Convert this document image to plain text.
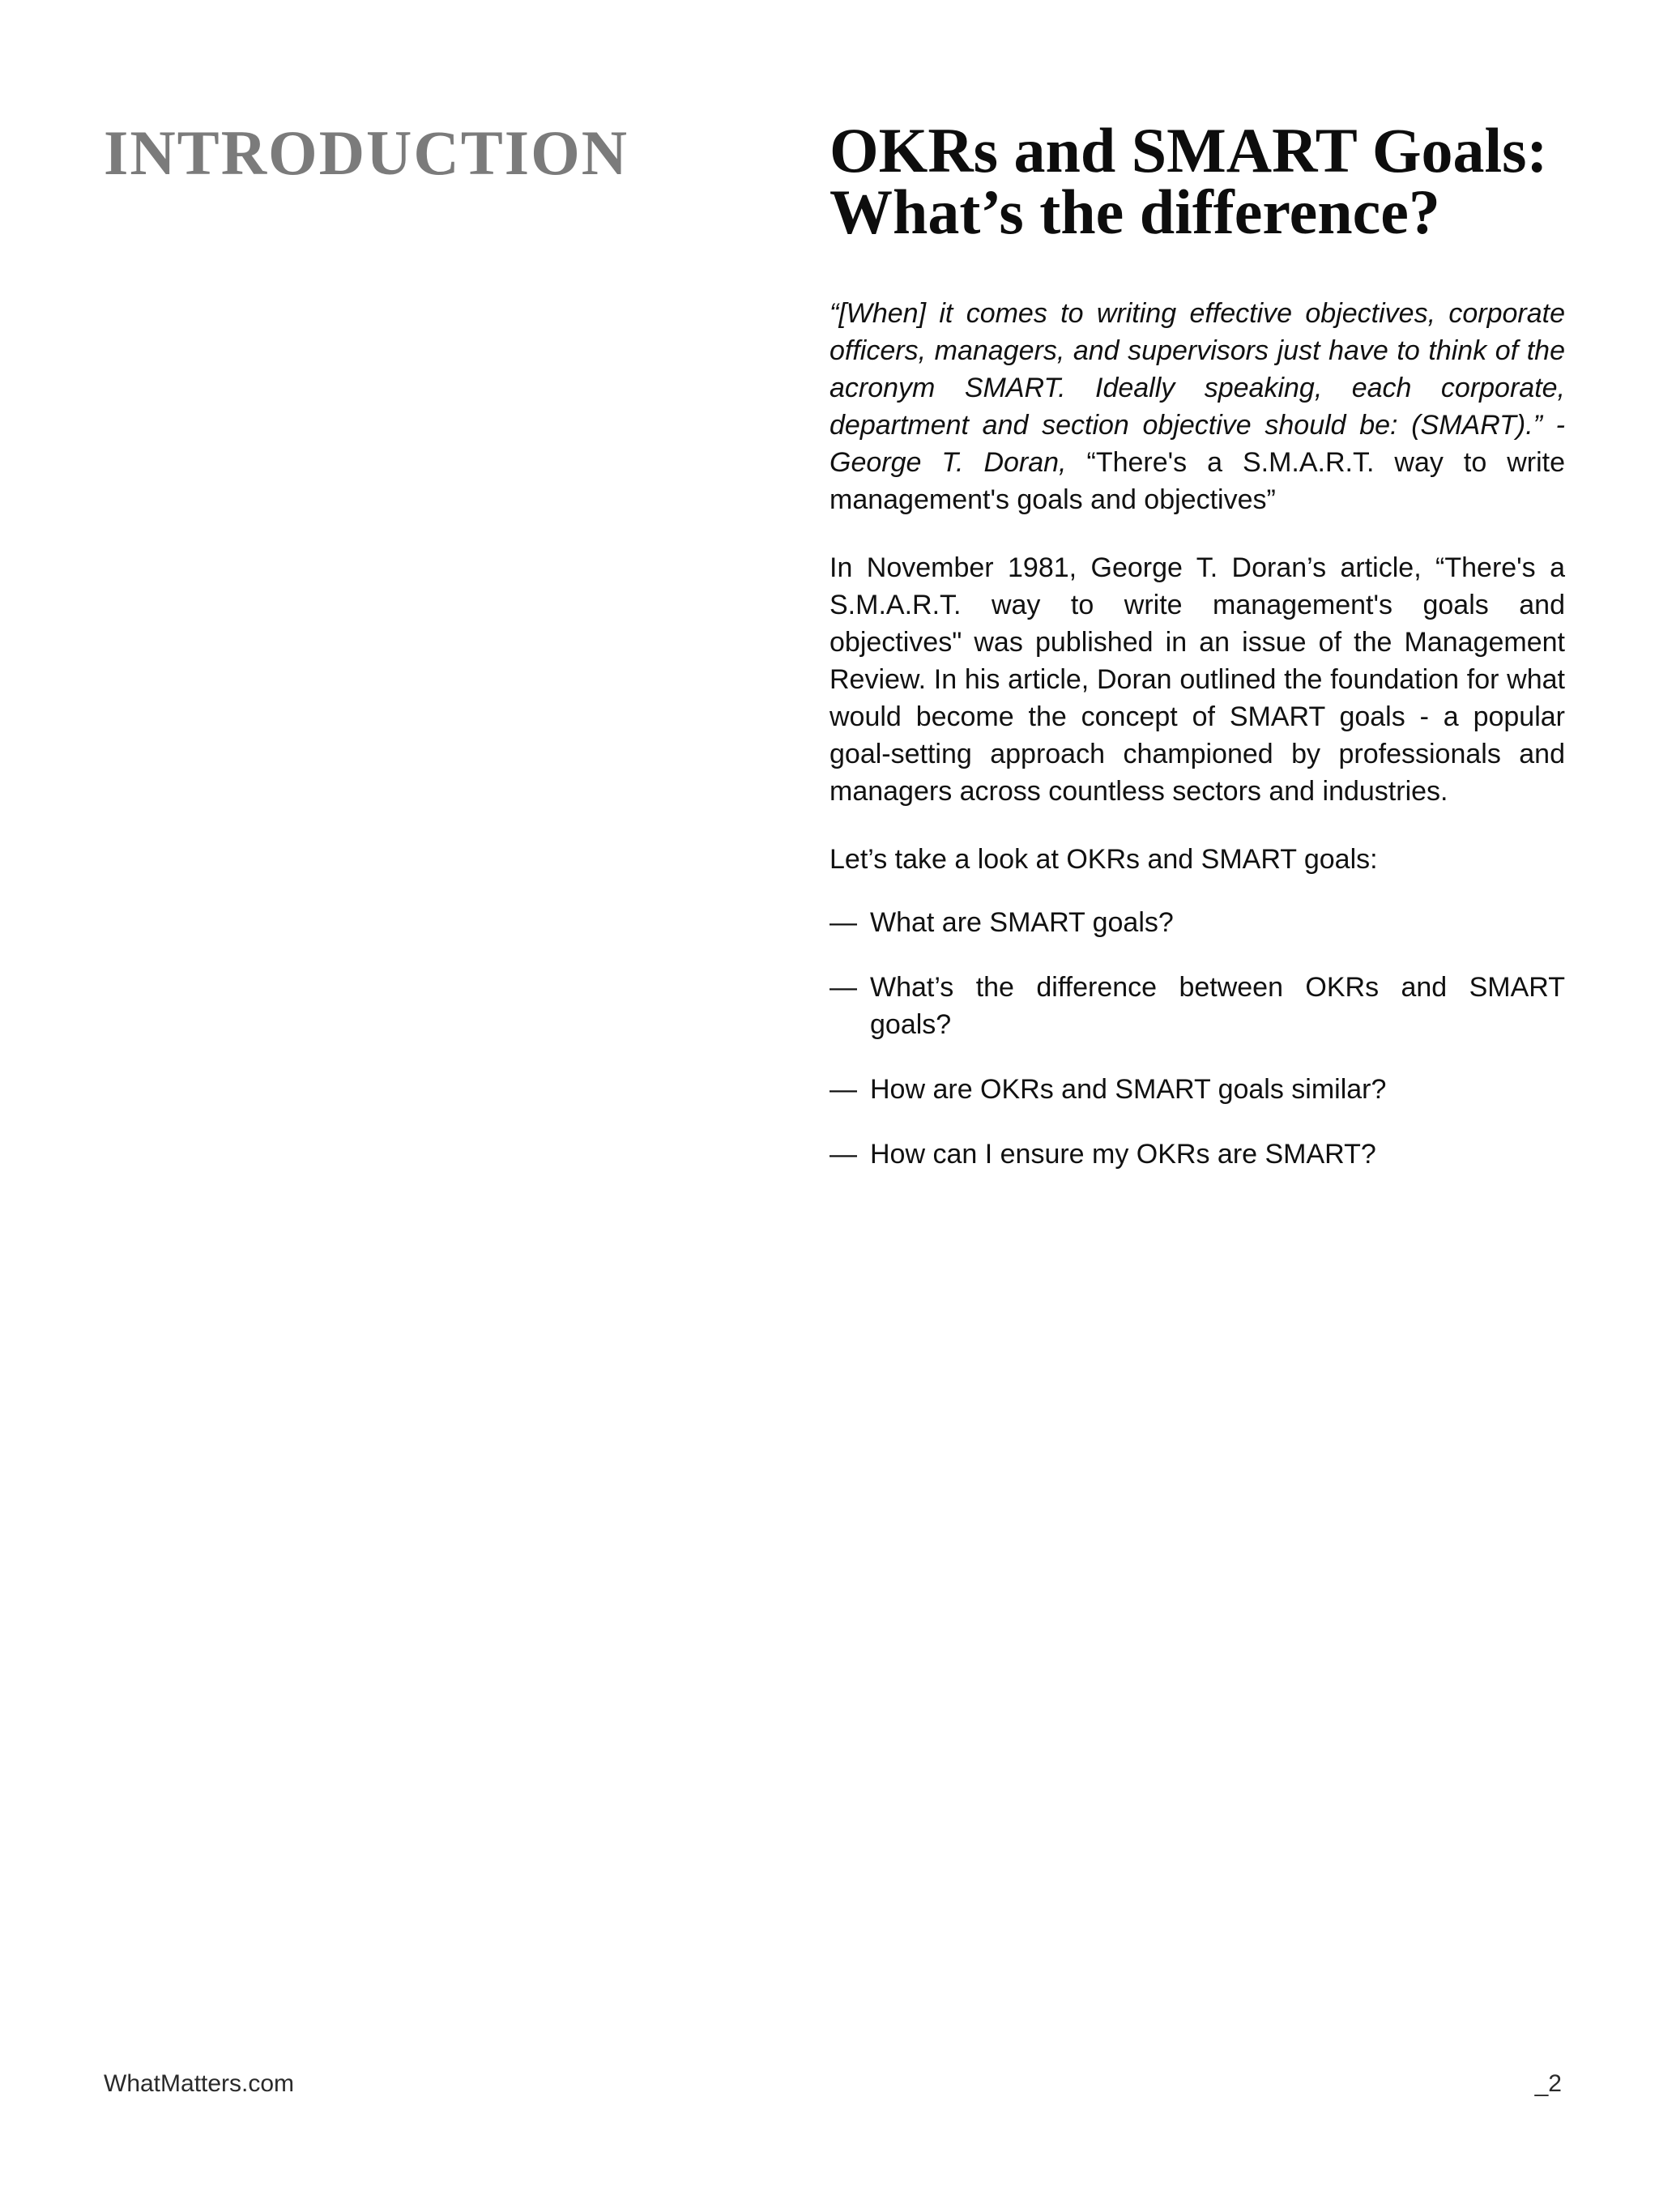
INTRODUCTION	OKRs and SMART Goals:
What’s the difference?

“[When] it comes to writing effective objectives, corporate officers, managers, and supervisors just have to think of the acronym SMART. Ideally speaking, each corporate, department and section objective should be: (SMART).” - George T. Doran, “There's a S.M.A.R.T. way to write management's goals and objectives”

In November 1981, George T. Doran’s article, “There's a S.M.A.R.T. way to write management's goals and objectives" was published in an issue of the Management Review. In his article, Doran outlined the foundation for what would become the concept of SMART goals - a popular goal-setting approach championed by professionals and managers across countless sectors and industries.

Let’s take a look at OKRs and SMART goals:

— What are SMART goals?
— What’s the difference between OKRs and SMART goals?
— How are OKRs and SMART goals similar?
— How can I ensure my OKRs are SMART?
WhatMatters.com	_2
